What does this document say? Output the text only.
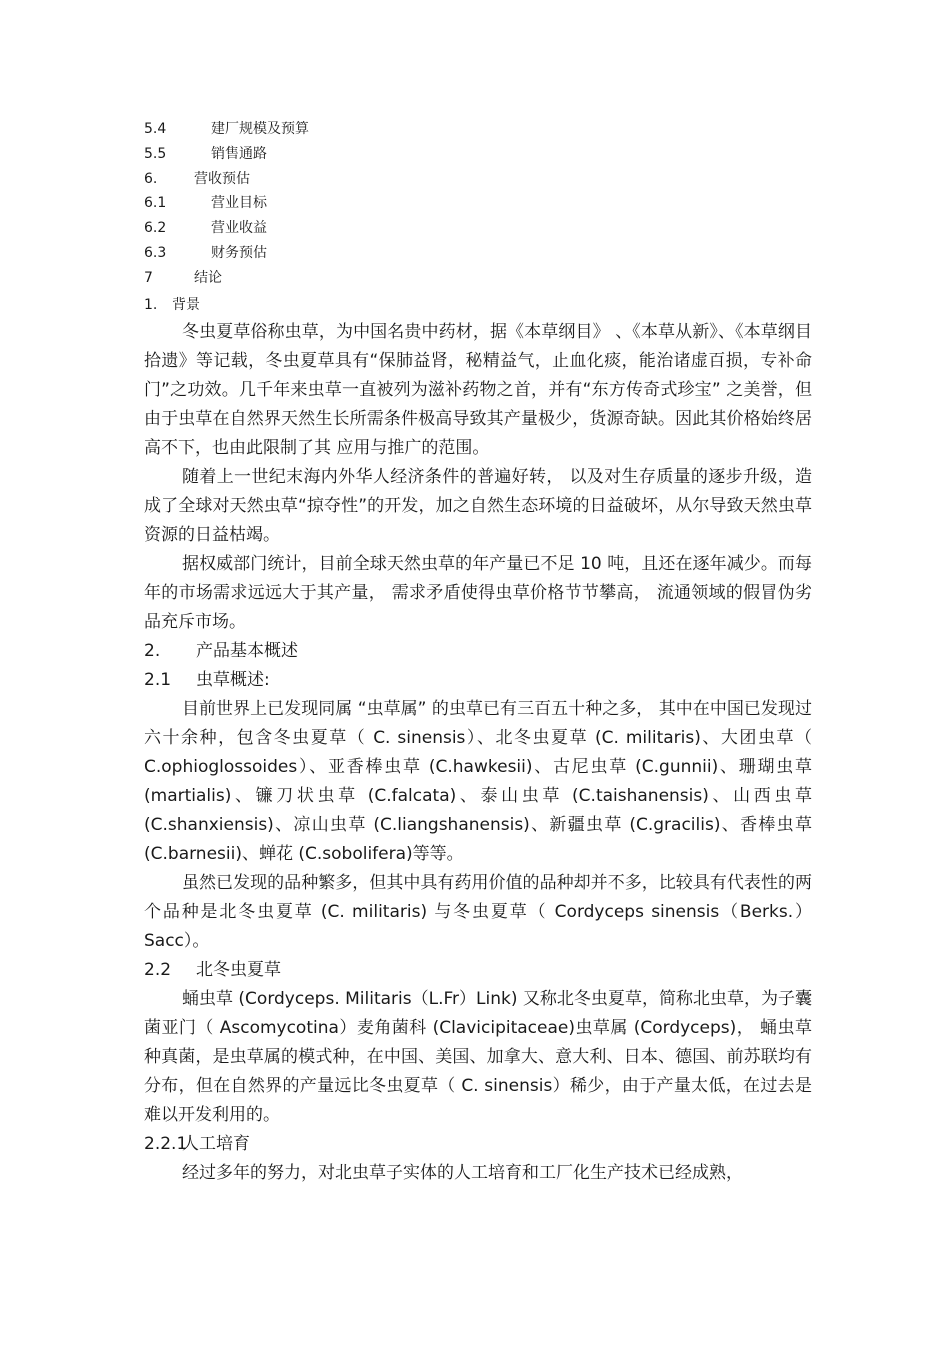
5.4	建厂规模及预算
5.5	销售通路
6.	营收预估
6.1	营业目标
6.2	营业收益
6.3	财务预估
7	结论
1. 背景

冬虫夏草俗称虫草，为中国名贵中药材，据《本草纲目》 、《本草从新》、《本草纲目拾遗》等记载，冬虫夏草具有“保肺益肾，秘精益气，止血化痰，能治诸虚百损，专补命门”之功效。几千年来虫草一直被列为滋补药物之首，并有“东方传奇式珍宝” 之美誉，但由于虫草在自然界天然生长所需条件极高导致其产量极少，货源奇缺。因此其价格始终居高不下，也由此限制了其 应用与推广的范围。

随着上一世纪末海内外华人经济条件的普遍好转， 以及对生存质量的逐步升级，造成了全球对天然虫草“掠夺性”的开发，加之自然生态环境的日益破坏，从尔导致天然虫草资源的日益枯竭。

据权威部门统计，目前全球天然虫草的年产量已不足 10 吨，且还在逐年减少。而每年的市场需求远远大于其产量， 需求矛盾使得虫草价格节节攀高， 流通领域的假冒伪劣品充斥市场。

2.	产品基本概述
2.1	虫草概述:

目前世界上已发现同属 “虫草属” 的虫草已有三百五十种之多， 其中在中国已发现过六十余种，包含冬虫夏草（ C. sinensis）、北冬虫夏草 (C. militaris)、大团虫草（ C.ophioglossoides）、亚香棒虫草 (C.hawkesii)、古尼虫草 (C.gunnii)、珊瑚虫草 (martialis)、镰刀状虫草 (C.falcata)、泰山虫草 (C.taishanensis)、山西虫草 (C.shanxiensis)、凉山虫草 (C.liangshanensis)、新疆虫草 (C.gracilis)、香棒虫草 (C.barnesii)、蝉花 (C.sobolifera)等等。

虽然已发现的品种繁多，但其中具有药用价值的品种却并不多，比较具有代表性的两个品种是北冬虫夏草 (C. militaris) 与冬虫夏草（ Cordyceps sinensis（Berks.）Sacc）。

2.2	北冬虫夏草

蛹虫草 (Cordyceps. Militaris（L.Fr）Link) 又称北冬虫夏草，简称北虫草，为子囊菌亚门（ Ascomycotina）麦角菌科 (Clavicipitaceae)虫草属 (Cordyceps)， 蛹虫草种真菌，是虫草属的模式种，在中国、美国、加拿大、意大利、日本、德国、前苏联均有分布，但在自然界的产量远比冬虫夏草（ C. sinensis）稀少，由于产量太低，在过去是难以开发利用的。

2.2.1
人工培育

经过多年的努力，对北虫草子实体的人工培育和工厂化生产技术已经成熟，
